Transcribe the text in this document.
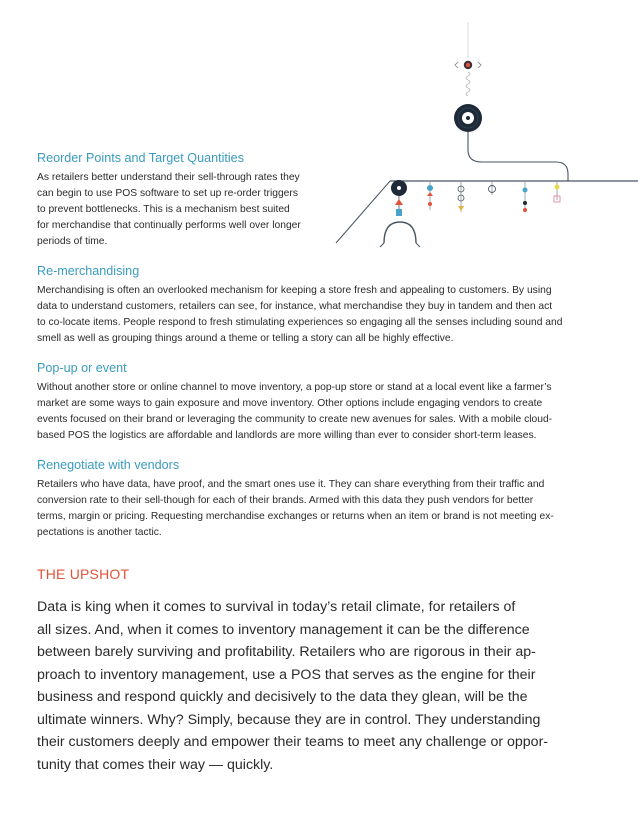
Reorder Points and Target Quantities

As retailers better understand their sell-through rates they
can begin to use POS software to set up re-order triggers
to prevent bottlenecks. This is a mechanism best suited
for merchandise that continually performs well over longer
periods of time.

Re-merchandising

Merchandising is often an overlooked mechanism for keeping a store fresh and appealing to customers. By using
data to understand customers, retailers can see, for instance, what merchandise they buy in tandem and then act
to co-locate items. People respond to fresh stimulating experiences so engaging all the senses including sound and
smell as well as grouping things around a theme or telling a story can all be highly effective.

Pop-up or event

Without another store or online channel to move inventory, a pop-up store or stand at a local event like a farmer’s
market are some ways to gain exposure and move inventory. Other options include engaging vendors to create
events focused on their brand or leveraging the community to create new avenues for sales. With a mobile cloud-
based POS the logistics are affordable and landlords are more willing than ever to consider short-term leases.

Renegotiate with vendors

Retailers who have data, have proof, and the smart ones use it. They can share everything from their traffic and
conversion rate to their sell-though for each of their brands. Armed with this data they push vendors for better
terms, margin or pricing. Requesting merchandise exchanges or returns when an item or brand is not meeting ex-
pectations is another tactic.

THE UPSHOT

Data is king when it comes to survival in today’s retail climate, for retailers of
all sizes. And, when it comes to inventory management it can be the difference
between barely surviving and profitability. Retailers who are rigorous in their ap-
proach to inventory management, use a POS that serves as the engine for their
business and respond quickly and decisively to the data they glean, will be the
ultimate winners. Why? Simply, because they are in control. They understanding
their customers deeply and empower their teams to meet any challenge or oppor-
tunity that comes their way — quickly.
